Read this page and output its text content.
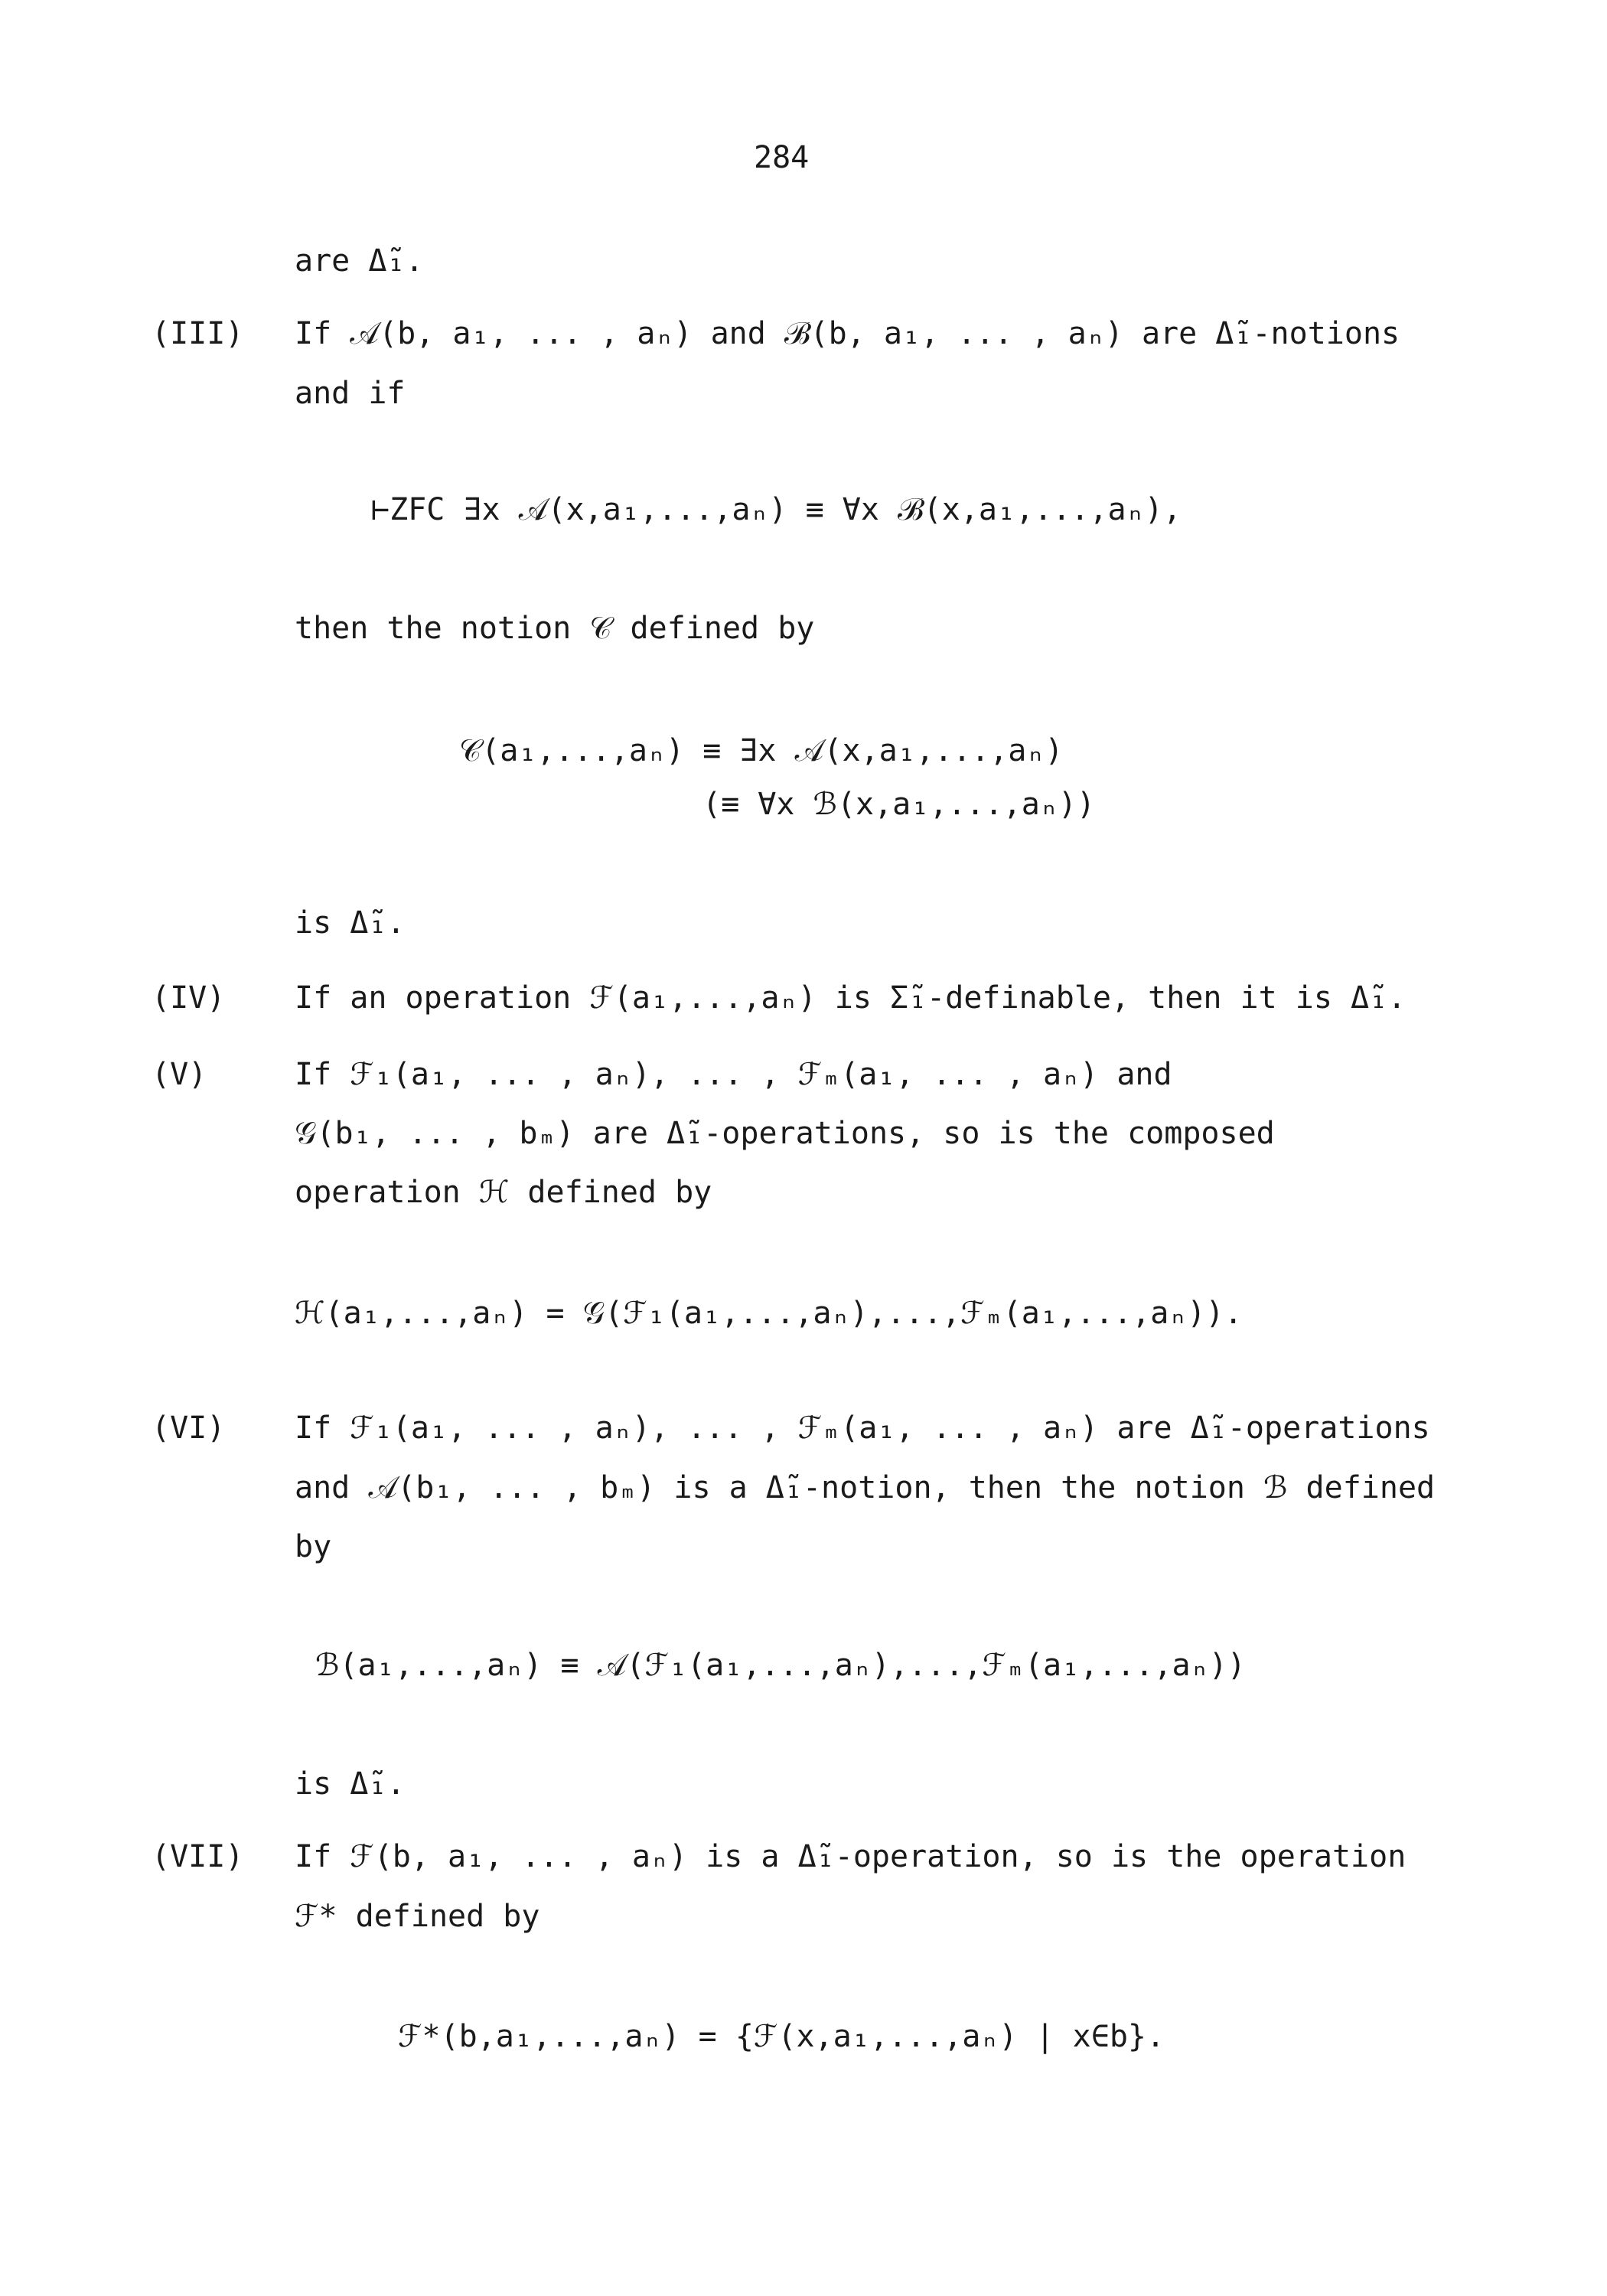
284
are Δ̃₁.
(III) If 𝒜(b, a₁, ... , aₙ) and ℬ(b, a₁, ... , aₙ) are Δ̃₁-notions
and if
⊢ZFC ∃x 𝒜(x,a₁,...,aₙ) ≡ ∀x ℬ(x,a₁,...,aₙ),
then the notion 𝒞 defined by
𝒞(a₁,...,aₙ) ≡ ∃x 𝒜(x,a₁,...,aₙ)
(≡ ∀x ℬ(x,a₁,...,aₙ))
is Δ̃₁.
(IV) If an operation ℱ(a₁,...,aₙ) is Σ̃₁-definable, then it is Δ̃₁.
(V)	If ℱ₁(a₁, ... , aₙ), ... , ℱₘ(a₁, ... , aₙ) and
𝒢(b₁, ... , bₘ) are Δ̃₁-operations, so is the composed
operation ℋ defined by
ℋ(a₁,...,aₙ) = 𝒢(ℱ₁(a₁,...,aₙ),...,ℱₘ(a₁,...,aₙ)).
(VI) If ℱ₁(a₁, ... , aₙ), ... , ℱₘ(a₁, ... , aₙ) are Δ̃₁-operations
and 𝒜(b₁, ... , bₘ) is a Δ̃₁-notion, then the notion ℬ defined
by
ℬ(a₁,...,aₙ) ≡ 𝒜(ℱ₁(a₁,...,aₙ),...,ℱₘ(a₁,...,aₙ))
is Δ̃₁.
(VII) If ℱ(b, a₁, ... , aₙ) is a Δ̃₁-operation, so is the operation
ℱ* defined by
ℱ*(b,a₁,...,aₙ) = {ℱ(x,a₁,...,aₙ) | x∈b}.
